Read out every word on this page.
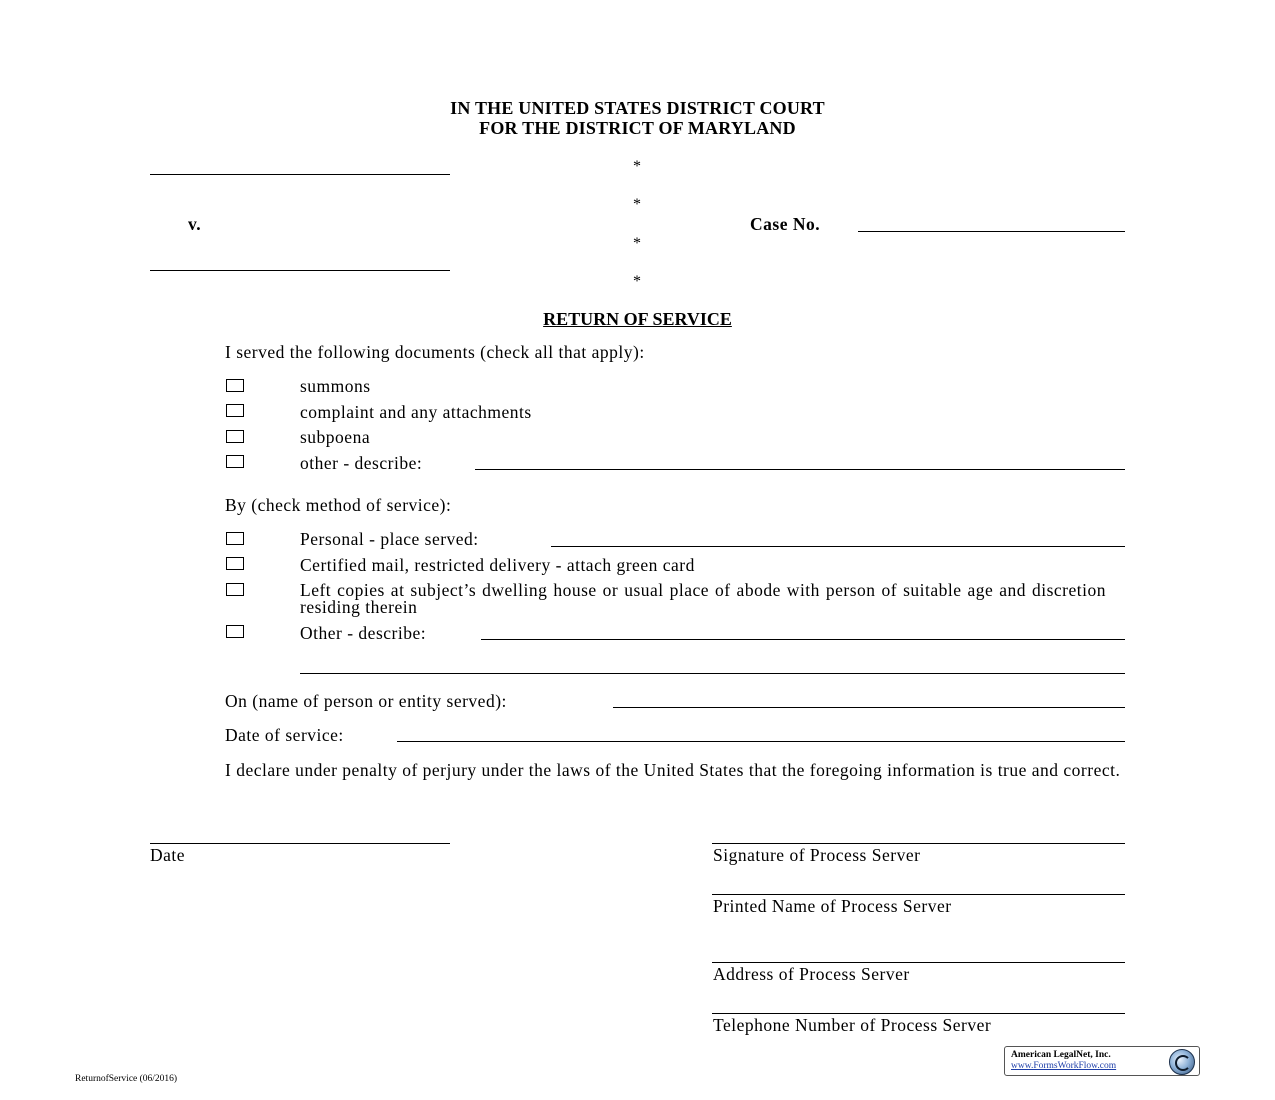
IN THE UNITED STATES DISTRICT COURT
FOR THE DISTRICT OF MARYLAND
v.
*
*
*
*
Case No.
RETURN OF SERVICE
I served the following documents (check all that apply):
summons
complaint and any attachments
subpoena
other - describe:
By (check method of service):
Personal - place served:
Certified mail, restricted delivery - attach green card
Left copies at subject’s dwelling house or usual place of abode with person of suitable age and discretion residing therein
Other - describe:
On (name of person or entity served):
Date of service:
I declare under penalty of perjury under the laws of the United States that the foregoing information is true and correct.
Date	Signature of Process Server
Printed Name of Process Server
Address of Process Server
Telephone Number of Process Server
ReturnofService (06/2016)
American LegalNet, Inc.
www.FormsWorkFlow.com
